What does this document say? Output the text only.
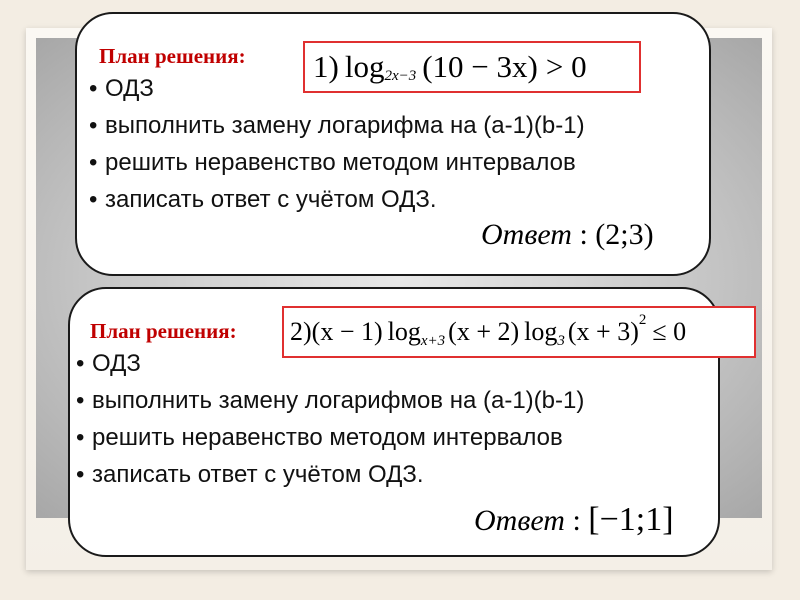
План решения: 1) log 2x−3 (10 − 3x) > 0
• ОДЗ
• выполнить замену логарифма на (a-1)(b-1)
• решить неравенство методом интервалов
• записать ответ с учётом ОДЗ.
Ответ : (2;3)
План решения: 2) (x − 1) log x+3 (x + 2) log 3 (x + 3) 2 ≤ 0
• ОДЗ
• выполнить замену логарифмов на (a-1)(b-1)
• решить неравенство методом интервалов
• записать ответ с учётом ОДЗ.
Ответ : [−1;1]
